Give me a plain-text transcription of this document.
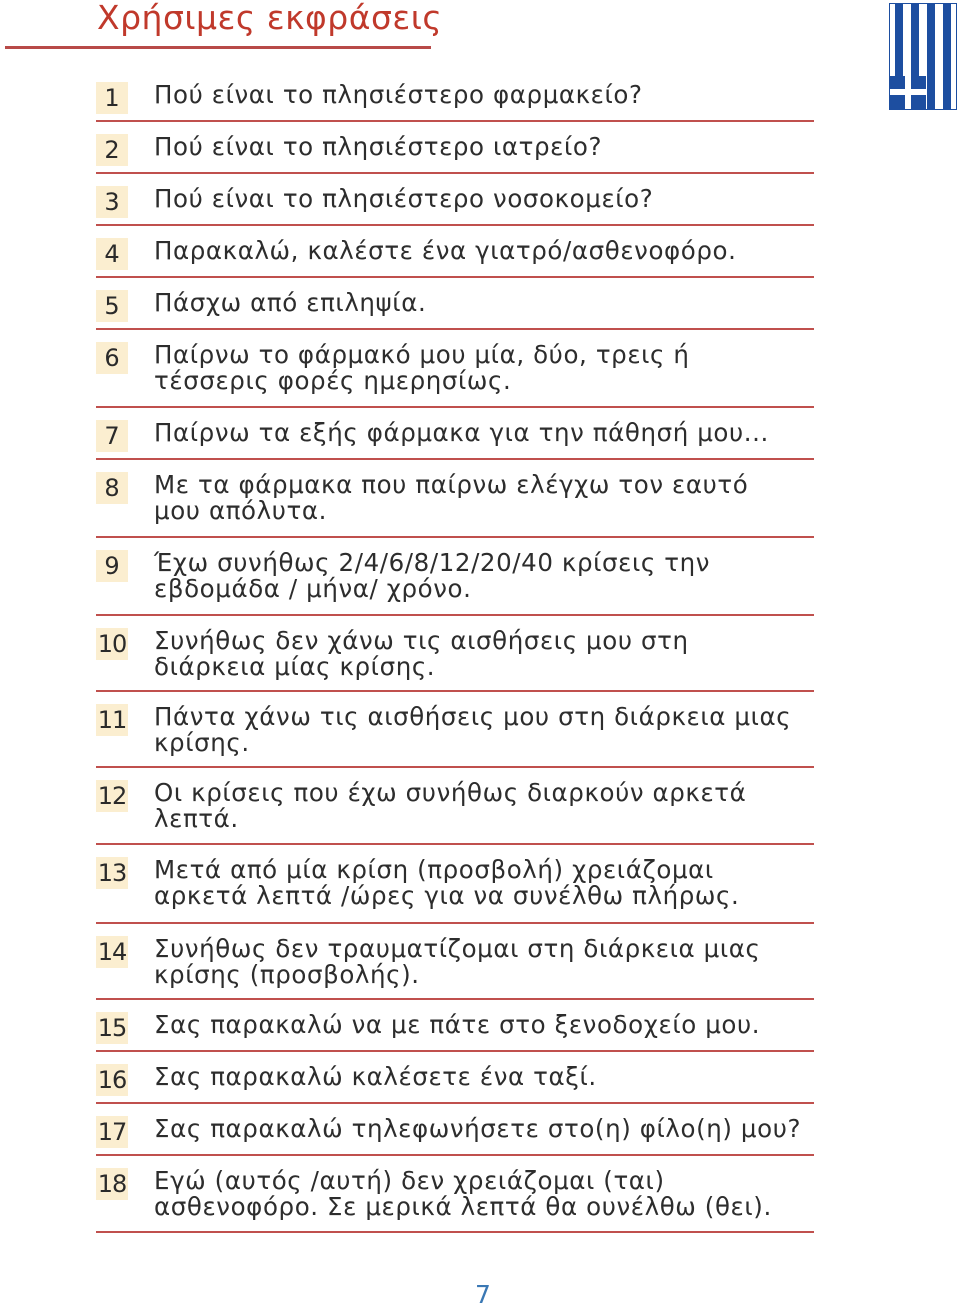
Χρήσιμες εκφράσεις
1	Πού είναι το πλησιέστερο φαρμακείο?
2	Πού είναι το πλησιέστερο ιατρείο?
3	Πού είναι το πλησιέστερο νοσοκομείο?
4	Παρακαλώ, καλέστε ένα γιατρό/ασθενοφόρο.
5	Πάσχω από επιληψία.
6	Παίρνω το φάρμακό μου μία, δύο, τρεις ή
τέσσερις φορές ημερησίως.
7	Παίρνω τα εξής φάρμακα για την πάθησή μου...
8	Με τα φάρμακα που παίρνω ελέγχω τον εαυτό
μου απόλυτα.
9	Έχω συνήθως 2/4/6/8/12/20/40 κρίσεις την
εβδομάδα / μήνα/ χρόνο.
10 Συνήθως δεν χάνω τις αισθήσεις μου στη
διάρκεια μίας κρίσης.
11 Πάντα χάνω τις αισθήσεις μου στη διάρκεια μιας
κρίσης.
12 Οι κρίσεις που έχω συνήθως διαρκούν αρκετά
λεπτά.
13 Μετά από μία κρίση (προσβολή) χρειάζομαι
αρκετά λεπτά /ώρες για να συνέλθω πλήρως.
14 Συνήθως δεν τραυματίζομαι στη διάρκεια μιας
κρίσης (προσβολής).
15 Σας παρακαλώ να με πάτε στο ξενοδοχείο μου.
16 Σας παρακαλώ καλέσετε ένα ταξί.
17 Σας παρακαλώ τηλεφωνήσετε στο(η) φίλο(η) μου?
18 Εγώ (αυτός /αυτή) δεν χρειάζομαι (ται)
ασθενοφόρο. Σε μερικά λεπτά θα ουνέλθω (θει).
7
